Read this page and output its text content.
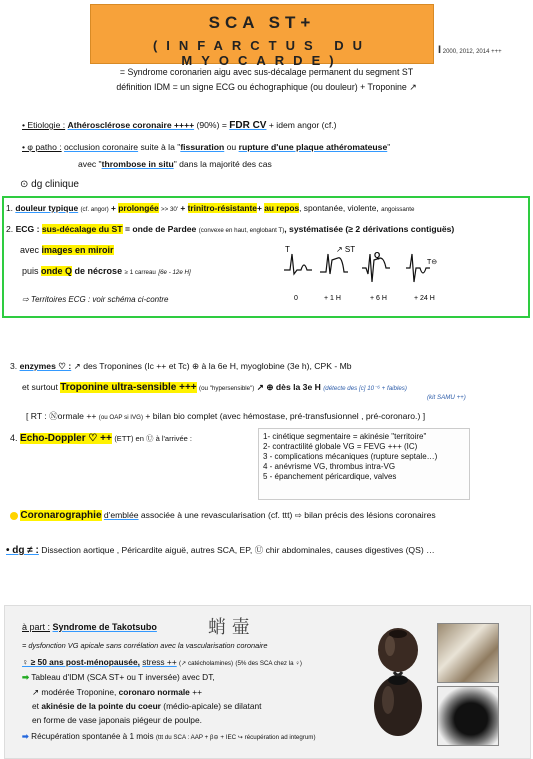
SCA ST+
(INFARCTUS DU MYOCARDE)
I 2000, 2012, 2014 +++
= Syndrome coronarien aigu avec sus-décalage permanent du segment ST
définition IDM = un signe ECG ou échographique (ou douleur) + Troponine ↗
• Etiologie : Athérosclérose coronaire ++++ (90%) = FDR CV + idem angor (cf.)
• φ patho : occlusion coronaire suite à la "fissuration ou rupture d'une plaque athéromateuse"
avec "thrombose in situ" dans la majorité des cas
⊙ dg clinique
1. douleur typique (cf. angor) + prolongée >> 30' + trinitro-résistante+ au repos, spontanée, violente, angoissante
2. ECG : sus-décalage du ST = onde de Pardee (convexe en haut, englobant T), systématisée (≥ 2 dérivations contiguës)
avec images en miroir
puis onde Q de nécrose ≥ 1 carreau [6e - 12e H]
⇨ Territoires ECG : voir schéma ci-contre
T	↗ ST
Q
T⊖
0	+ 1 H	+ 6 H	+ 24 H
3. enzymes ♡ : ↗ des Troponines (Ic ++ et Tc) ⊕ à la 6e H, myoglobine (3e h), CPK - Mb
et surtout Troponine ultra-sensible +++ (ou "hypersensible") ↗ ⊕ dès la 3e H (détecte des [c] 10⁻⁶ + faibles)
(kit SAMU ++)
[ RT : Ⓝormale ++ (ou OAP si IVG) + bilan bio complet (avec hémostase, pré-transfusionnel , pré-coronaro.) ]
4. Echo-Doppler ♡ ++ (ETT) en Ⓤ à l'arrivée :	1- cinétique segmentaire = akinésie "territoire"
2- contractilité globale VG = FEVG +++ (IC)
3 - complications mécaniques (rupture septale…)
4 - anévrisme VG, thrombus intra-VG
5 - épanchement péricardique, valves
Coronarographie d'emblée associée à une revascularisation (cf. ttt) ⇨ bilan précis des lésions coronaires
• dg ≠ : Dissection aortique , Péricardite aiguë, autres SCA, EP, Ⓤ chir abdominales, causes digestives (QS) …
à part : Syndrome de Takotsubo	蛸 壷
= dysfonction VG apicale sans corrélation avec la vascularisation coronaire
♀ ≥ 50 ans post-ménopausée, stress ++ (↗ catécholamines) (5% des SCA chez la ♀)
➡ Tableau d'IDM (SCA ST+ ou T inversée) avec DT,
↗ modérée Troponine, coronaro normale ++
et akinésie de la pointe du coeur (médio-apicale) se dilatant
en forme de vase japonais piégeur de poulpe.
➡ Récupération spontanée à 1 mois (ttt du SCA : AAP + β⊖ + IEC ↪ récupération ad integrum)
